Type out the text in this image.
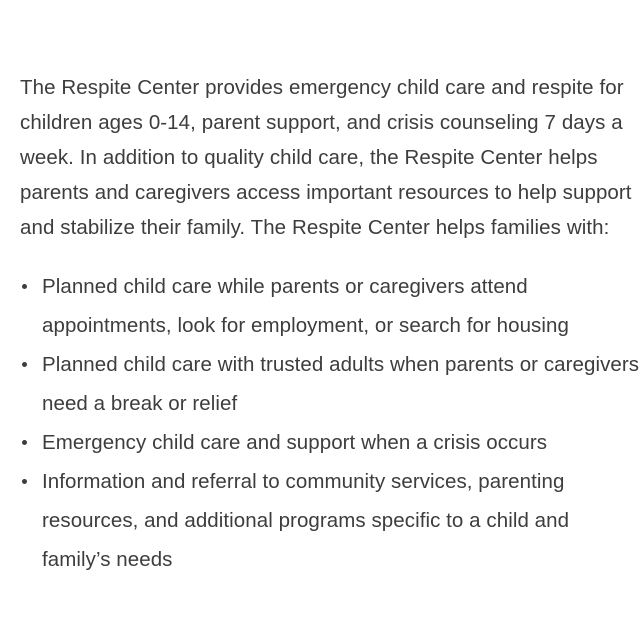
The Respite Center provides emergency child care and respite for children ages 0-14, parent support, and crisis counseling 7 days a week. In addition to quality child care, the Respite Center helps parents and caregivers access important resources to help support and stabilize their family. The Respite Center helps families with:

Planned child care while parents or caregivers attend appointments, look for employment, or search for housing
Planned child care with trusted adults when parents or caregivers need a break or relief
Emergency child care and support when a crisis occurs
Information and referral to community services, parenting resources, and additional programs specific to a child and family’s needs
